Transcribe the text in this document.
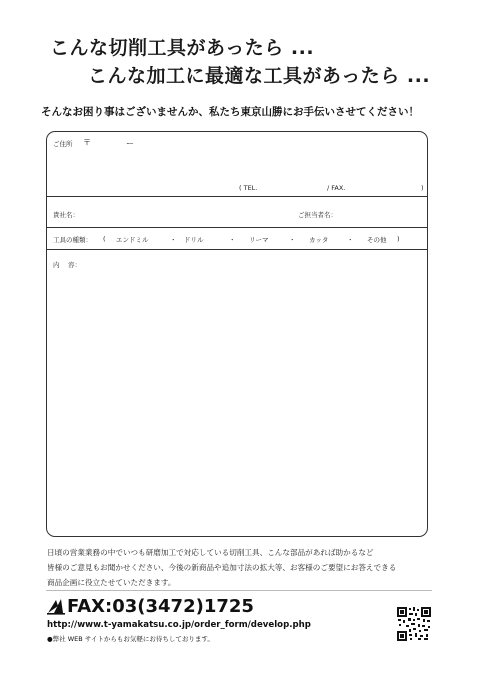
こんな切削工具があったら ...
こんな加工に最適な工具があったら ...
そんなお困り事はございませんか、私たち東京山勝にお手伝いさせてください！
ご住所 〒	ー
( TEL.	/ FAX.	)
貴社名：	ご担当者名：
工具の種類： ( エンドミル	・ ドリル	・ リーマ	・ カッタ	・ その他 )
内　 容：
日頃の営業業務の中でいつも研磨加工で対応している切削工具、こんな部品があれば助かるなど
皆様のご意見もお聞かせください、今後の新商品や追加寸法の拡大等、お客様のご要望にお答えできる
商品企画に役立たせていただきます。
FAX:03(3472)1725
http://www.t-yamakatsu.co.jp/order_form/develop.php
●弊社 WEB サイトからもお気軽にお待ちしております。
